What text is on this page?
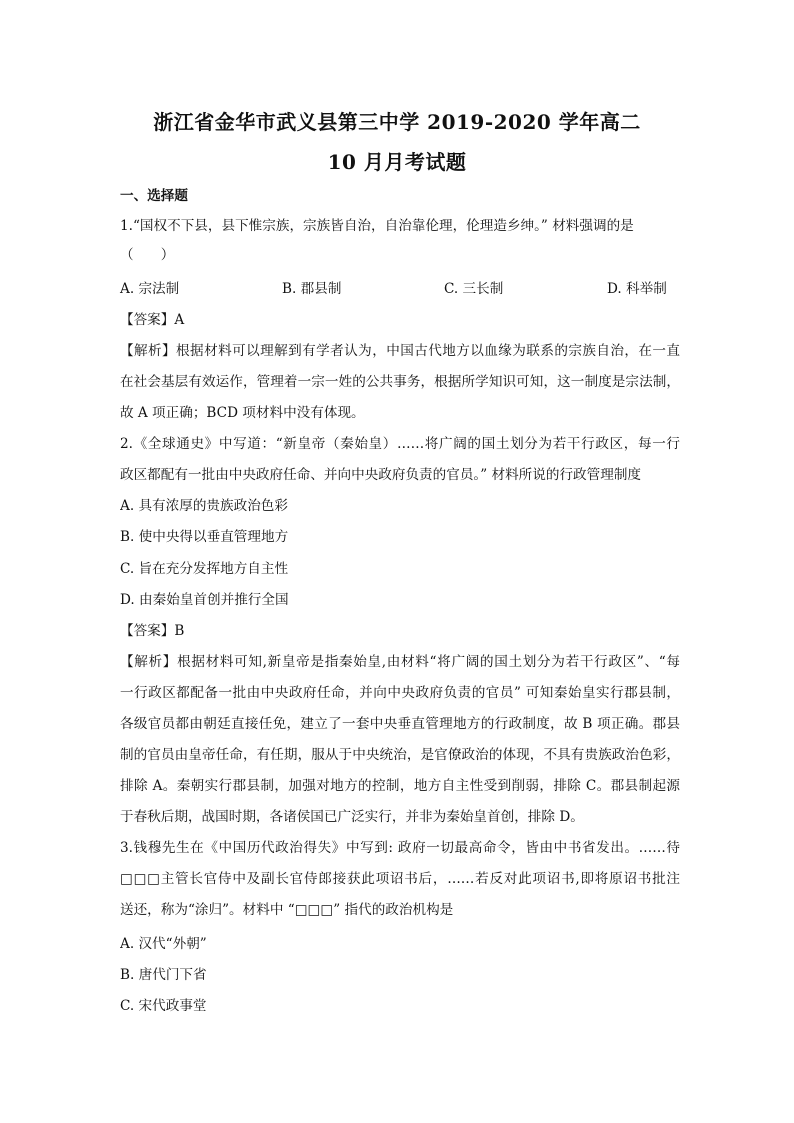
浙江省金华市武义县第三中学 2019-2020 学年高二
10 月月考试题
一、选择题
1.“国权不下县，县下惟宗族，宗族皆自治，自治靠伦理，伦理造乡绅。” 材料强调的是
（　　）
A. 宗法制	B. 郡县制	C. 三长制	D. 科举制
【答案】A
【解析】根据材料可以理解到有学者认为，中国古代地方以血缘为联系的宗族自治，在一直
在社会基层有效运作，管理着一宗一姓的公共事务，根据所学知识可知，这一制度是宗法制，
故 A 项正确；BCD 项材料中没有体现。
2.《全球通史》中写道：“新皇帝（秦始皇）……将广阔的国土划分为若干行政区，每一行
政区都配有一批由中央政府任命、并向中央政府负责的官员。” 材料所说的行政管理制度
A. 具有浓厚的贵族政治色彩
B. 使中央得以垂直管理地方
C. 旨在充分发挥地方自主性
D. 由秦始皇首创并推行全国
【答案】B
【解析】根据材料可知,新皇帝是指秦始皇,由材料“将广阔的国土划分为若干行政区”、“每
一行政区都配备一批由中央政府任命，并向中央政府负责的官员” 可知秦始皇实行郡县制，
各级官员都由朝廷直接任免，建立了一套中央垂直管理地方的行政制度，故 B 项正确。郡县
制的官员由皇帝任命，有任期，服从于中央统治，是官僚政治的体现，不具有贵族政治色彩，
排除 A。秦朝实行郡县制，加强对地方的控制，地方自主性受到削弱，排除 C。郡县制起源
于春秋后期，战国时期，各诸侯国已广泛实行，并非为秦始皇首创，排除 D。
3.钱穆先生在《中国历代政治得失》中写到: 政府一切最高命令，皆由中书省发出。……待
□□□主管长官侍中及副长官侍郎接获此项诏书后，……若反对此项诏书,即将原诏书批注
送还，称为“涂归”。材料中 “□□□” 指代的政治机构是
A. 汉代“外朝”
B. 唐代门下省
C. 宋代政事堂
